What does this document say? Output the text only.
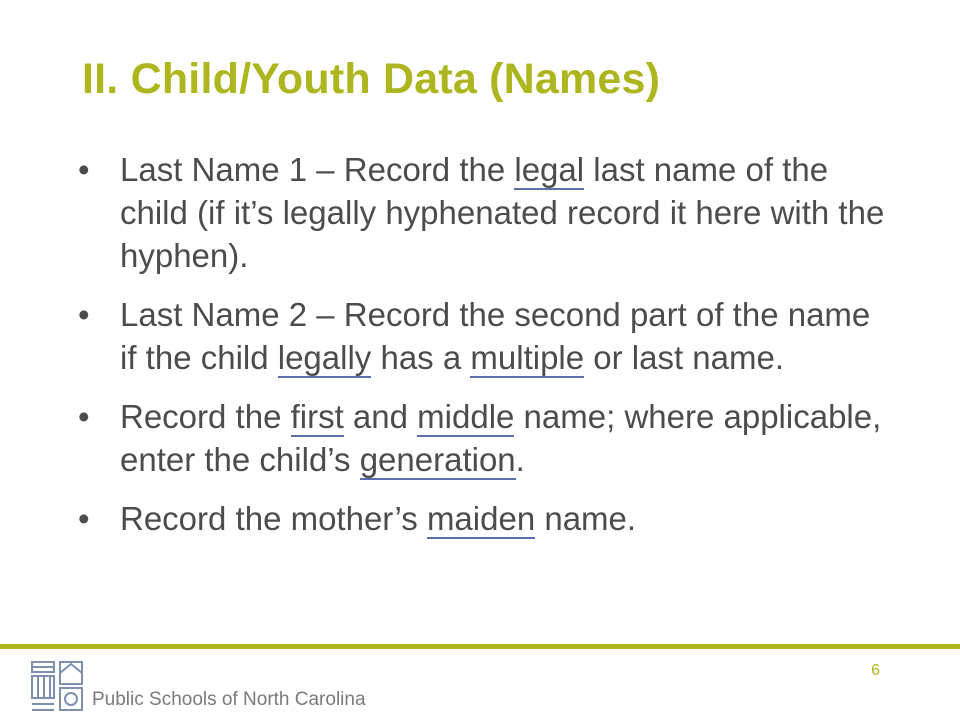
II. Child/Youth Data (Names)
• Last Name 1 – Record the legal last name of the child (if it’s legally hyphenated record it here with the hyphen).
• Last Name 2 – Record the second part of the name if the child legally has a multiple or last name.
• Record the first and middle name; where applicable, enter the child’s generation.
• Record the mother’s maiden name.
6
Public Schools of North Carolina
